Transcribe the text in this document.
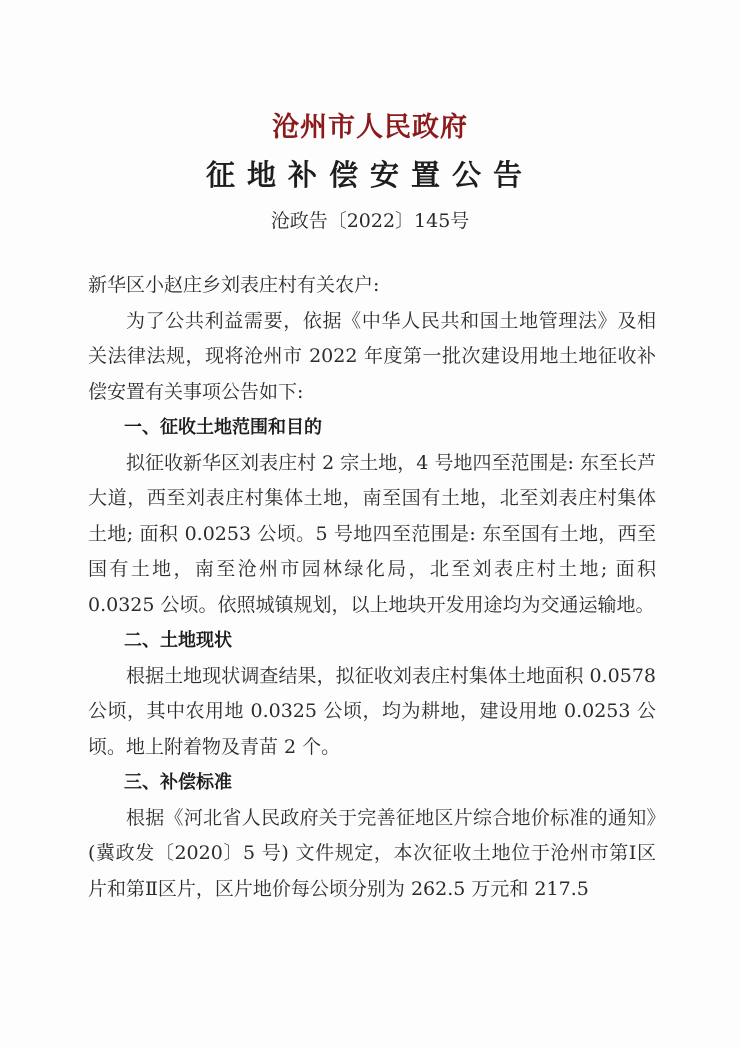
沧州市人民政府
征地补偿安置公告
沧政告〔2022〕145号

新华区小赵庄乡刘表庄村有关农户:

为了公共利益需要，依据《中华人民共和国土地管理法》及相关法律法规，现将沧州市 2022 年度第一批次建设用地土地征收补偿安置有关事项公告如下:

一、征收土地范围和目的

拟征收新华区刘表庄村 2 宗土地，4 号地四至范围是: 东至长芦大道，西至刘表庄村集体土地，南至国有土地，北至刘表庄村集体土地; 面积 0.0253 公顷。5 号地四至范围是: 东至国有土地，西至国有土地，南至沧州市园林绿化局，北至刘表庄村土地; 面积 0.0325 公顷。依照城镇规划，以上地块开发用途均为交通运输地。

二、土地现状

根据土地现状调查结果，拟征收刘表庄村集体土地面积 0.0578 公顷，其中农用地 0.0325 公顷，均为耕地，建设用地 0.0253 公顷。地上附着物及青苗 2 个。

三、补偿标准

根据《河北省人民政府关于完善征地区片综合地价标准的通知》(冀政发〔2020〕5 号) 文件规定，本次征收土地位于沧州市第Ⅰ区片和第Ⅱ区片，区片地价每公顷分别为 262.5 万元和 217.5
